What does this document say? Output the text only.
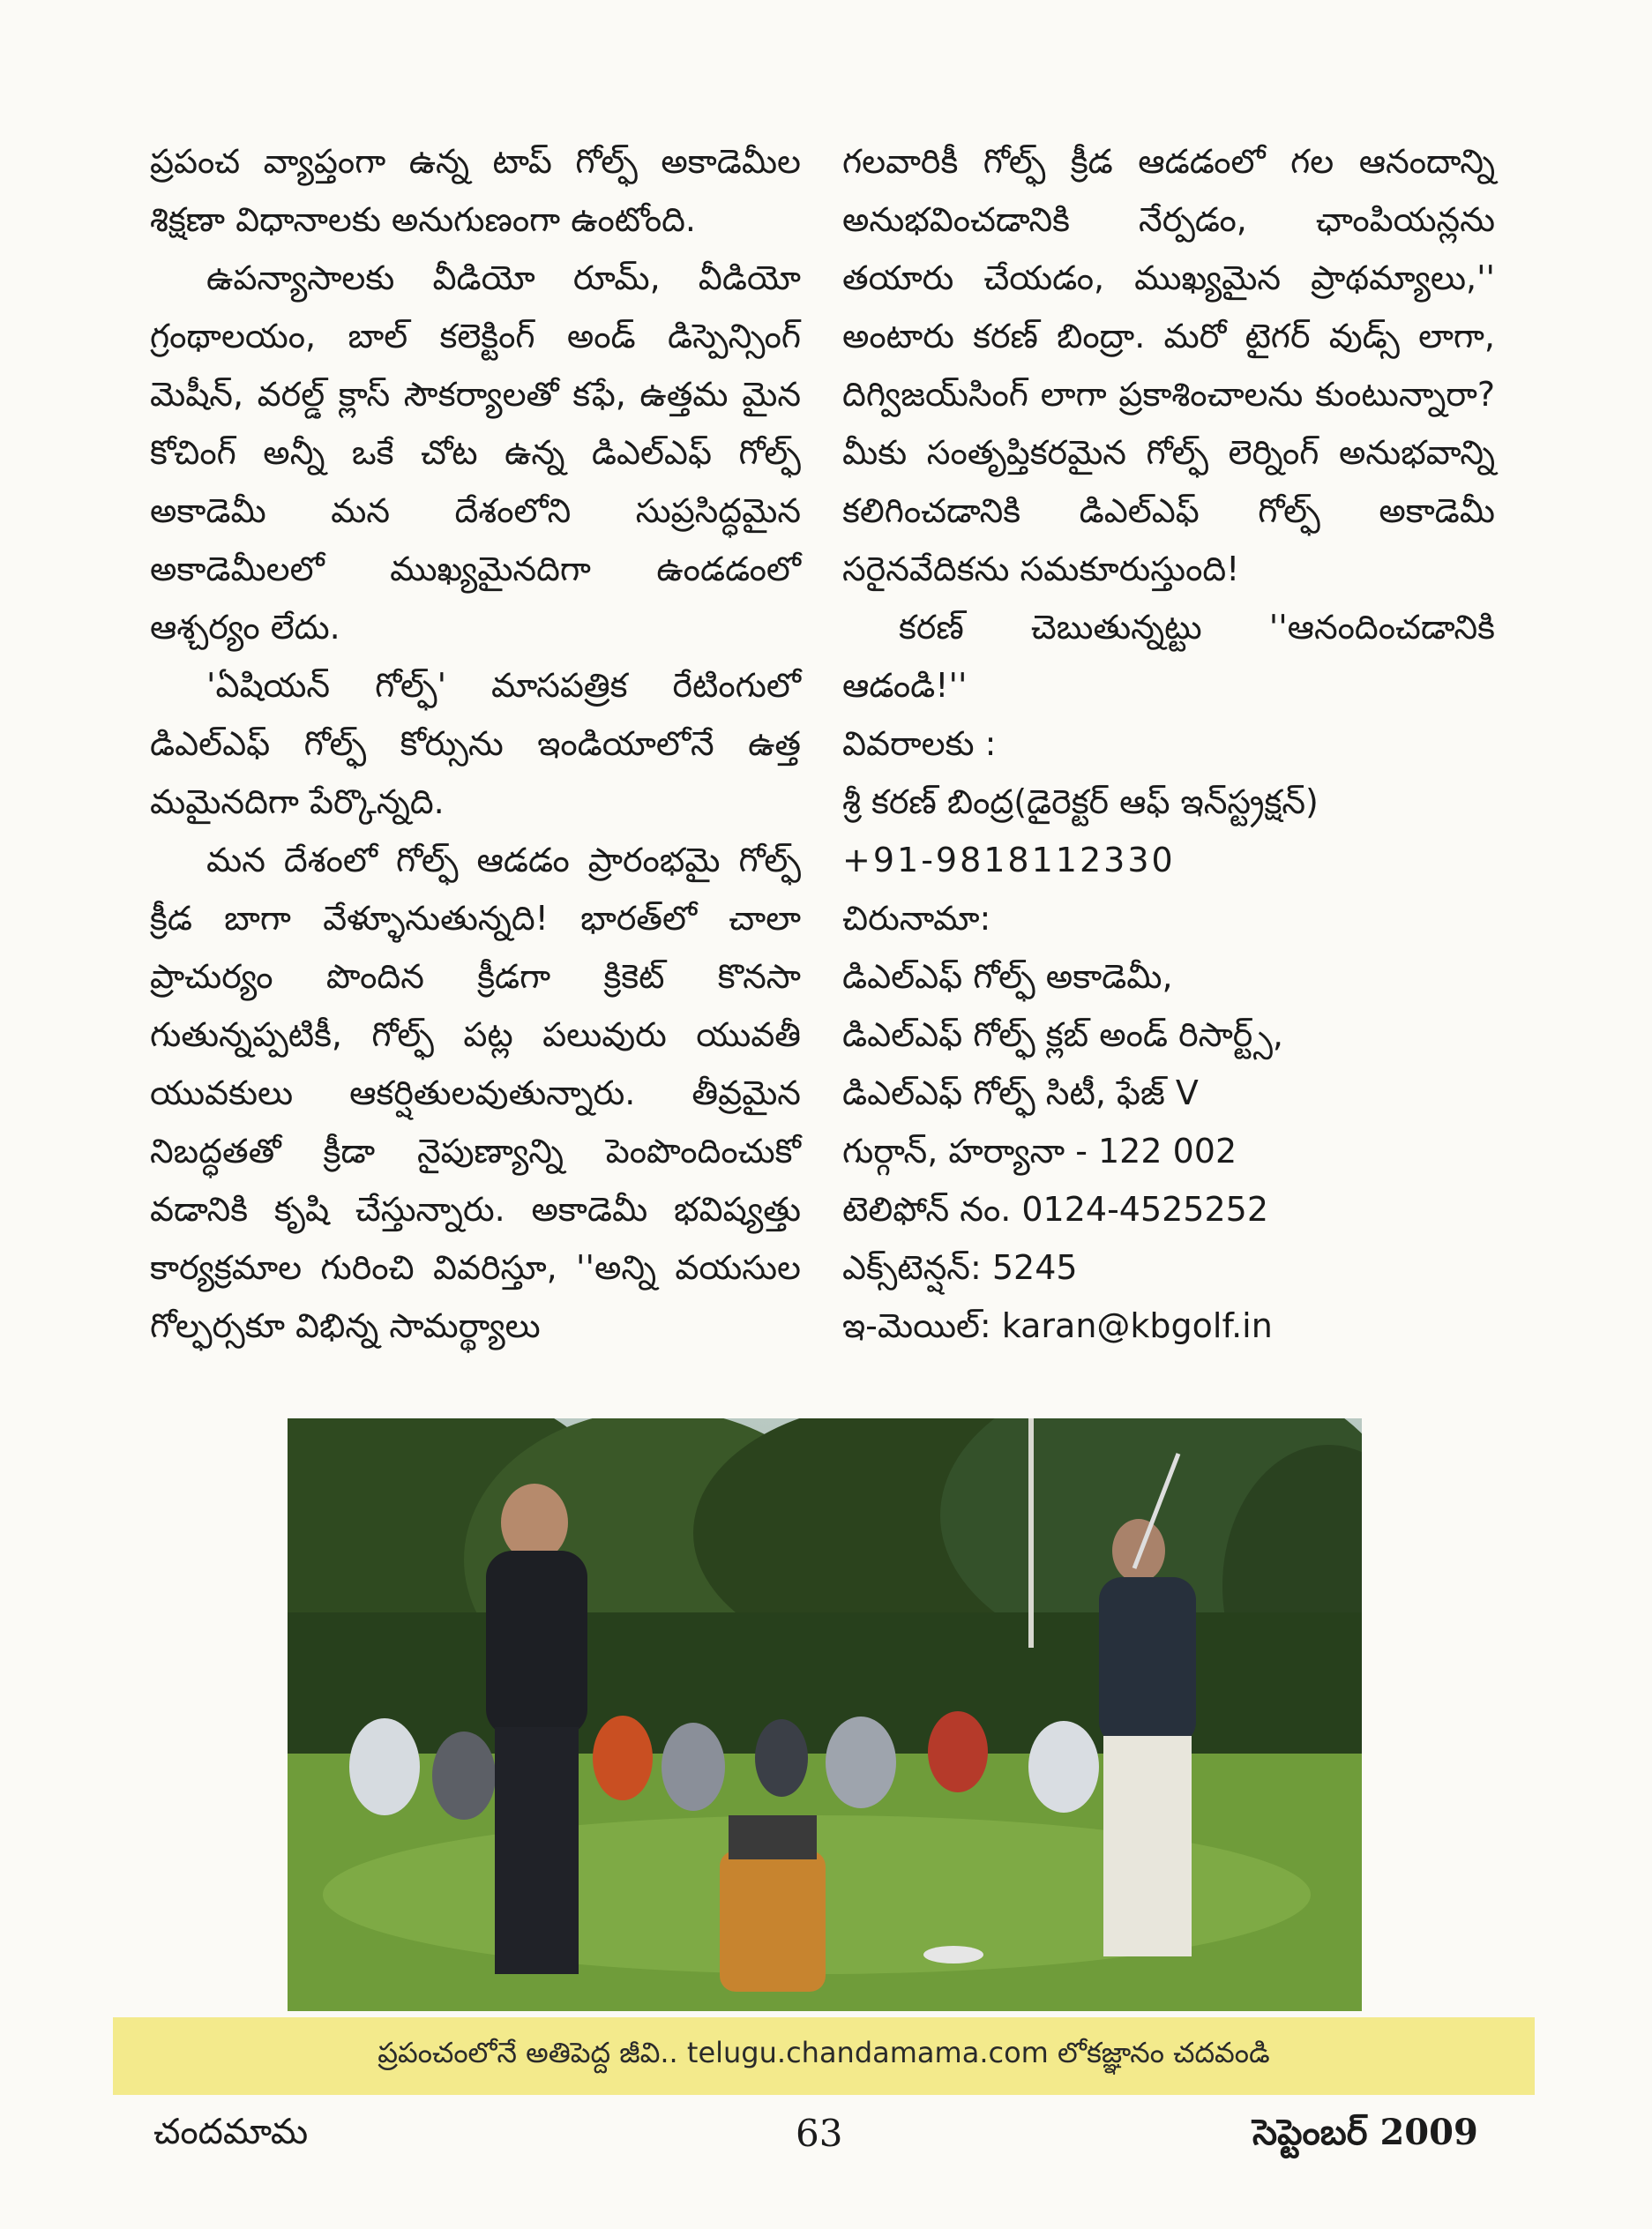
ప్రపంచ వ్యాప్తంగా ఉన్న టాప్ గోల్ఫ్ అకాడెమీల శిక్షణా విధానాలకు అనుగుణంగా ఉంటోంది.

ఉపన్యాసాలకు వీడియో రూమ్, వీడియో గ్రంథాలయం, బాల్ కలెక్టింగ్ అండ్ డిస్పెన్సింగ్ మెషీన్, వరల్డ్ క్లాస్ సౌకర్యాలతో కఫే, ఉత్తమ మైన కోచింగ్ అన్నీ ఒకే చోట ఉన్న డిఎల్ఎఫ్ గోల్ఫ్ అకాడెమీ మన దేశంలోని సుప్రసిద్ధమైన అకాడెమీలలో ముఖ్యమైనదిగా ఉండడంలో ఆశ్చర్యం లేదు.

'ఏషియన్ గోల్ఫ్' మాసపత్రిక రేటింగులో డిఎల్ఎఫ్ గోల్ఫ్ కోర్సును ఇండియాలోనే ఉత్త మమైనదిగా పేర్కొన్నది.

మన దేశంలో గోల్ఫ్ ఆడడం ప్రారంభమై గోల్ఫ్ క్రీడ బాగా వేళ్ళూనుతున్నది! భారత్‌లో చాలా ప్రాచుర్యం పొందిన క్రీడగా క్రికెట్ కొనసా గుతున్నప్పటికీ, గోల్ఫ్ పట్ల పలువురు యువతీ యువకులు ఆకర్షితులవుతున్నారు. తీవ్రమైన నిబద్ధతతో క్రీడా నైపుణ్యాన్ని పెంపొందించుకో వడానికి కృషి చేస్తున్నారు. అకాడెమీ భవిష్యత్తు కార్యక్రమాల గురించి వివరిస్తూ, ''అన్ని వయసుల గోల్ఫర్సకూ విభిన్న సామర్థ్యాలు

గలవారికీ గోల్ఫ్ క్రీడ ఆడడంలో గల ఆనందాన్ని అనుభవించడానికి నేర్పడం, ఛాంపియన్లను తయారు చేయడం, ముఖ్యమైన ప్రాథమ్యాలు,'' అంటారు కరణ్ బింద్రా. మరో టైగర్ వుడ్స్ లాగా, దిగ్విజయ్‌సింగ్ లాగా ప్రకాశించాలను కుంటున్నారా? మీకు సంతృప్తికరమైన గోల్ఫ్ లెర్నింగ్ అనుభవాన్ని కలిగించడానికి డిఎల్ఎఫ్ గోల్ఫ్ అకాడెమీ సరైనవేదికను సమకూరుస్తుంది!

కరణ్ చెబుతున్నట్టు ''ఆనందించడానికి ఆడండి!''

వివరాలకు :

శ్రీ కరణ్ బింద్ర(డైరెక్టర్ ఆఫ్ ఇన్‌స్ట్రక్షన్)

+91-9818112330

చిరునామా:

డిఎల్ఎఫ్ గోల్ఫ్ అకాడెమీ,

డిఎల్ఎఫ్ గోల్ఫ్ క్లబ్ అండ్ రిసార్ట్స్,

డిఎల్ఎఫ్ గోల్ఫ్ సిటీ, ఫేజ్ V

గుర్గాన్, హర్యానా - 122 002

టెలిఫోన్ నం. 0124-4525252

ఎక్స్‌టెన్షన్: 5245

ఇ-మెయిల్: karan@kbgolf.in

ప్రపంచంలోనే అతిపెద్ద జీవి.. telugu.chandamama.com లోకజ్ఞానం చదవండి
చందమామ	63	సెప్టెంబర్ 2009
